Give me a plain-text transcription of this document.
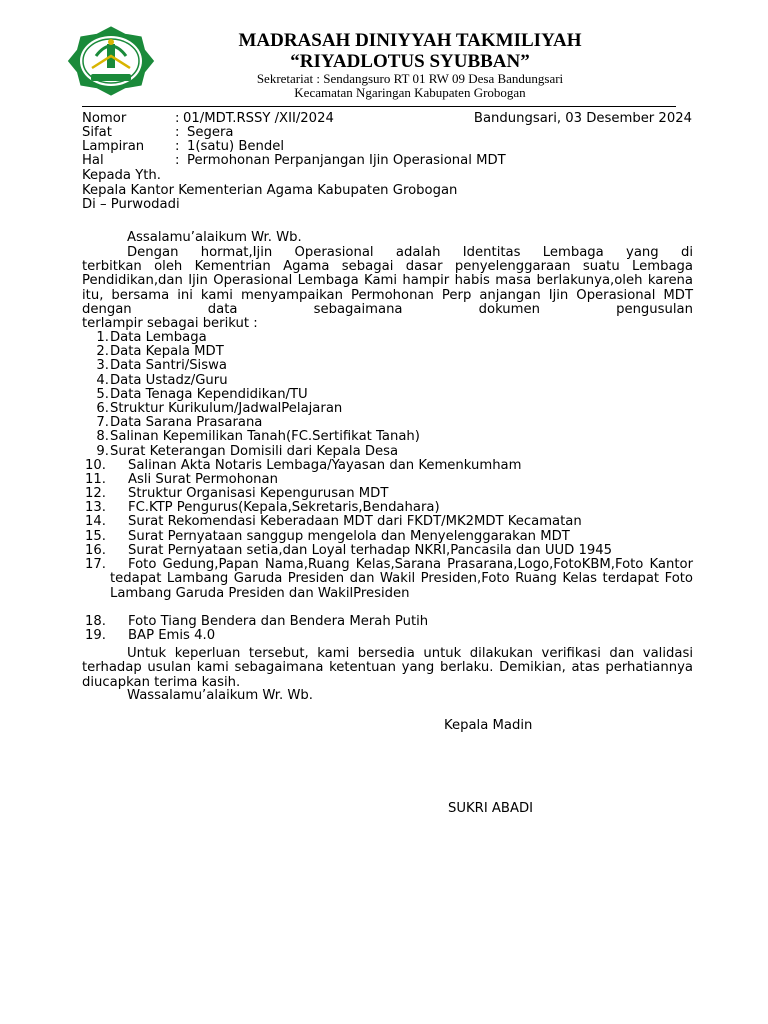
MADRASAH DINIYYAH TAKMILIYAH
“RIYADLOTUS SYUBBAN”
Sekretariat : Sendangsuro RT 01 RW 09 Desa Bandungsari
Kecamatan Ngaringan Kabupaten Grobogan
Nomor	: 01/MDT.RSSY /XII/2024	Bandungsari, 03 Desember 2024
Sifat	: Segera
Lampiran : 1(satu) Bendel
Hal	: Permohonan Perpanjangan Ijin Operasional MDT
Kepada Yth.
Kepala Kantor Kementerian Agama Kabupaten Grobogan
Di – Purwodadi
Assalamu’alaikum Wr. Wb.
Dengan hormat,Ijin Operasional adalah Identitas Lembaga yang di
terbitkan oleh Kementrian Agama sebagai dasar penyelenggaraan suatu Lembaga Pendidikan,dan Ijin Operasional Lembaga Kami hampir habis masa berlakunya,oleh karena itu, bersama ini kami menyampaikan Permohonan Perp anjangan Ijin Operasional MDT dengan data sebagaimana dokumen pengusulan
terlampir sebagai berikut :
1. Data Lembaga
2. Data Kepala MDT
3. Data Santri/Siswa
4. Data Ustadz/Guru
5. Data Tenaga Kependidikan/TU
6. Struktur Kurikulum/JadwalPelajaran
7. Data Sarana Prasarana
8. Salinan Kepemilikan Tanah(FC.Sertifikat Tanah)
9. Surat Keterangan Domisili dari Kepala Desa
10. Salinan Akta Notaris Lembaga/Yayasan dan Kemenkumham
11. Asli Surat Permohonan
12. Struktur Organisasi Kepengurusan MDT
13. FC.KTP Pengurus(Kepala,Sekretaris,Bendahara)
14. Surat Rekomendasi Keberadaan MDT dari FKDT/MK2MDT Kecamatan
15. Surat Pernyataan sanggup mengelola dan Menyelenggarakan MDT
16. Surat Pernyataan setia,dan Loyal terhadap NKRI,Pancasila dan UUD 1945
17.	Foto Gedung,Papan Nama,Ruang Kelas,Sarana Prasarana,Logo,FotoKBM,Foto Kantor tedapat Lambang Garuda Presiden dan Wakil Presiden,Foto Ruang Kelas terdapat Foto Lambang Garuda Presiden dan WakilPresiden
18. Foto Tiang Bendera dan Bendera Merah Putih
19. BAP Emis 4.0
Untuk keperluan tersebut, kami bersedia untuk dilakukan verifikasi dan validasi terhadap usulan kami sebagaimana ketentuan yang berlaku. Demikian, atas perhatiannya diucapkan terima kasih.
Wassalamu’alaikum Wr. Wb.
Kepala Madin
SUKRI ABADI
